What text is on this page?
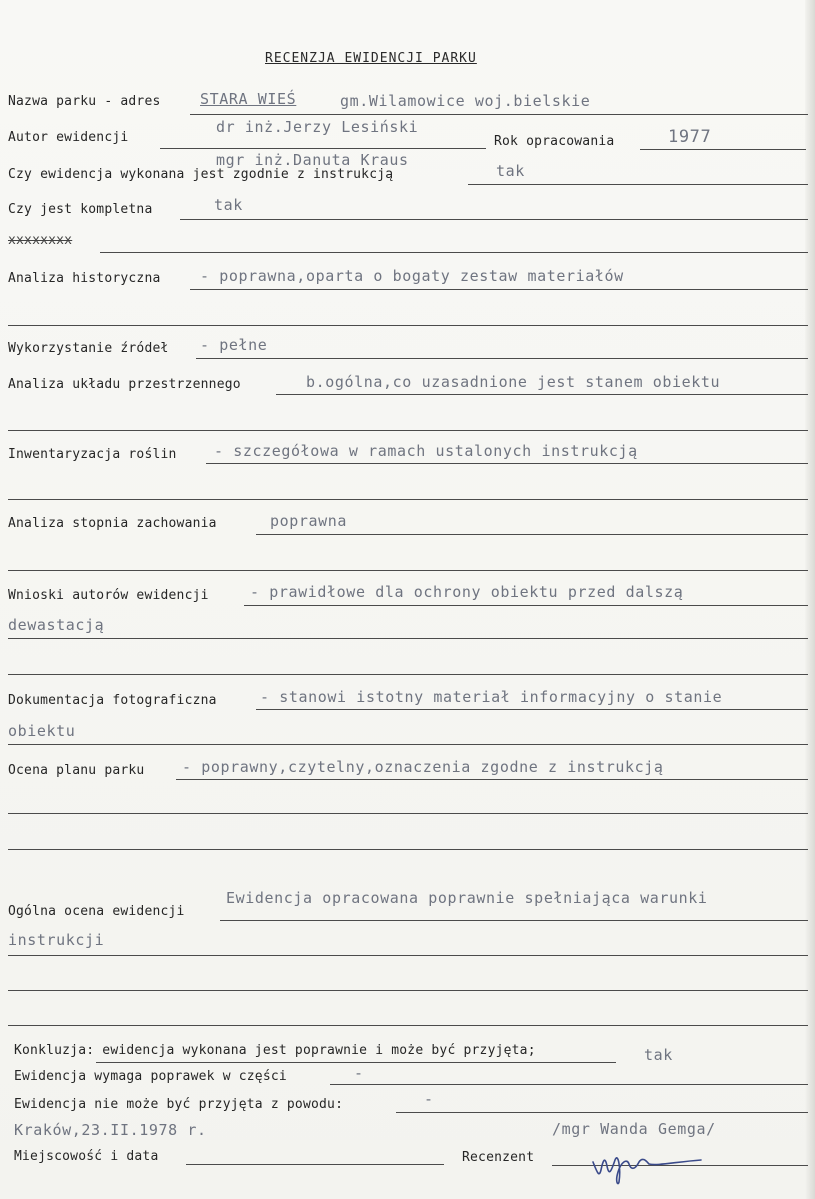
RECENZJA EWIDENCJI PARKU
Nazwa parku - adres	STARA WIEŚ	gm.Wilamowice woj.bielskie
Autor ewidencji
dr inż.Jerzy Lesiński
Rok opracowania	1977
mgr inż.Danuta Kraus
Czy ewidencja wykonana jest zgodnie z instrukcją	tak
Czy jest kompletna	tak
xxxxxxxx
Analiza historyczna	- poprawna,oparta o bogaty zestaw materiałów
Wykorzystanie źródeł - pełne
Analiza układu przestrzennego	b.ogólna,co uzasadnione jest stanem obiektu
Inwentaryzacja roślin - szczegółowa w ramach ustalonych instrukcją
Analiza stopnia zachowania	poprawna
Wnioski autorów ewidencji	- prawidłowe dla ochrony obiektu przed dalszą
dewastacją
Dokumentacja fotograficzna	- stanowi istotny materiał informacyjny o stanie
obiektu
Ocena planu parku	- poprawny,czytelny,oznaczenia zgodne z instrukcją
Ogólna ocena ewidencji
Ewidencja opracowana poprawnie spełniająca warunki
instrukcji
Konkluzja: ewidencja wykonana jest poprawnie i może być przyjęta;	tak
Ewidencja wymaga poprawek w części	-
Ewidencja nie może być przyjęta z powodu:	-
Kraków,23.II.1978 r.	/mgr Wanda Gemga/
Miejscowość i data	Recenzent
